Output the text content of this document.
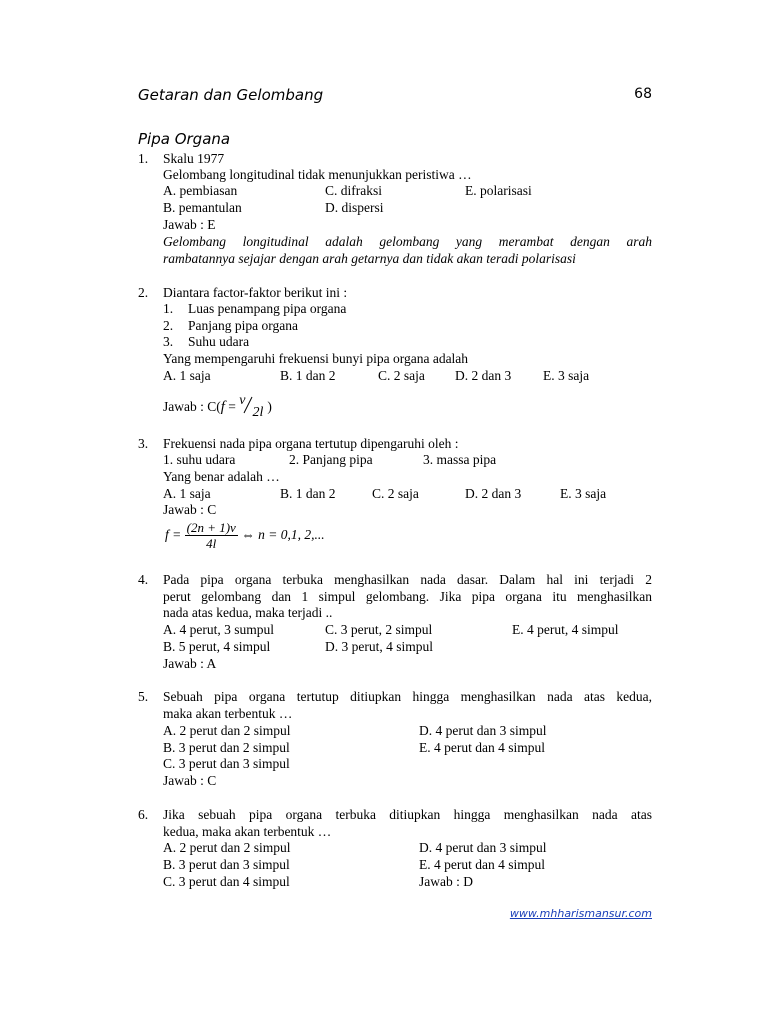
Getaran dan Gelombang	68
Pipa Organa
1. Skalu 1977
Gelombang longitudinal tidak menunjukkan peristiwa …
A. pembiasan	C. difraksi	E. polarisasi
B. pemantulan	D. dispersi
Jawab : E
Gelombang longitudinal adalah gelombang yang merambat dengan arah
rambatannya sejajar dengan arah getarnya dan tidak akan teradi polarisasi
2. Diantara factor-faktor berikut ini :
1. Luas penampang pipa organa
2. Panjang pipa organa
3. Suhu udara
Yang mempengaruhi frekuensi bunyi pipa organa adalah
A. 1 saja	B. 1 dan 2	C. 2 saja D. 2 dan 3 E. 3 saja
Jawab : C(f = v2l )
3. Frekuensi nada pipa organa tertutup dipengaruhi oleh :
1. suhu udara	2. Panjang pipa	3. massa pipa
Yang benar adalah …
A. 1 saja	B. 1 dan 2	C. 2 saja	D. 2 dan 3	E. 3 saja
Jawab : C
$f = \frac{(2n + 1)v}{4l}$ ⇔ n = 0,1, 2,...
4. Pada pipa organa terbuka menghasilkan nada dasar. Dalam hal ini terjadi 2
perut gelombang dan 1 simpul gelombang. Jika pipa organa itu menghasilkan
nada atas kedua, maka terjadi ..
A. 4 perut, 3 sumpul	C. 3 perut, 2 simpul	E. 4 perut, 4 simpul
B. 5 perut, 4 simpul	D. 3 perut, 4 simpul
Jawab : A
5. Sebuah pipa organa tertutup ditiupkan hingga menghasilkan nada atas kedua,
maka akan terbentuk …
A. 2 perut dan 2 simpul	D. 4 perut dan 3 simpul
B. 3 perut dan 2 simpul	E. 4 perut dan 4 simpul
C. 3 perut dan 3 simpul
Jawab : C
6. Jika sebuah pipa organa terbuka ditiupkan hingga menghasilkan nada atas
kedua, maka akan terbentuk …
A. 2 perut dan 2 simpul	D. 4 perut dan 3 simpul
B. 3 perut dan 3 simpul	E. 4 perut dan 4 simpul
C. 3 perut dan 4 simpul	Jawab : D
www.mhharismansur.com
